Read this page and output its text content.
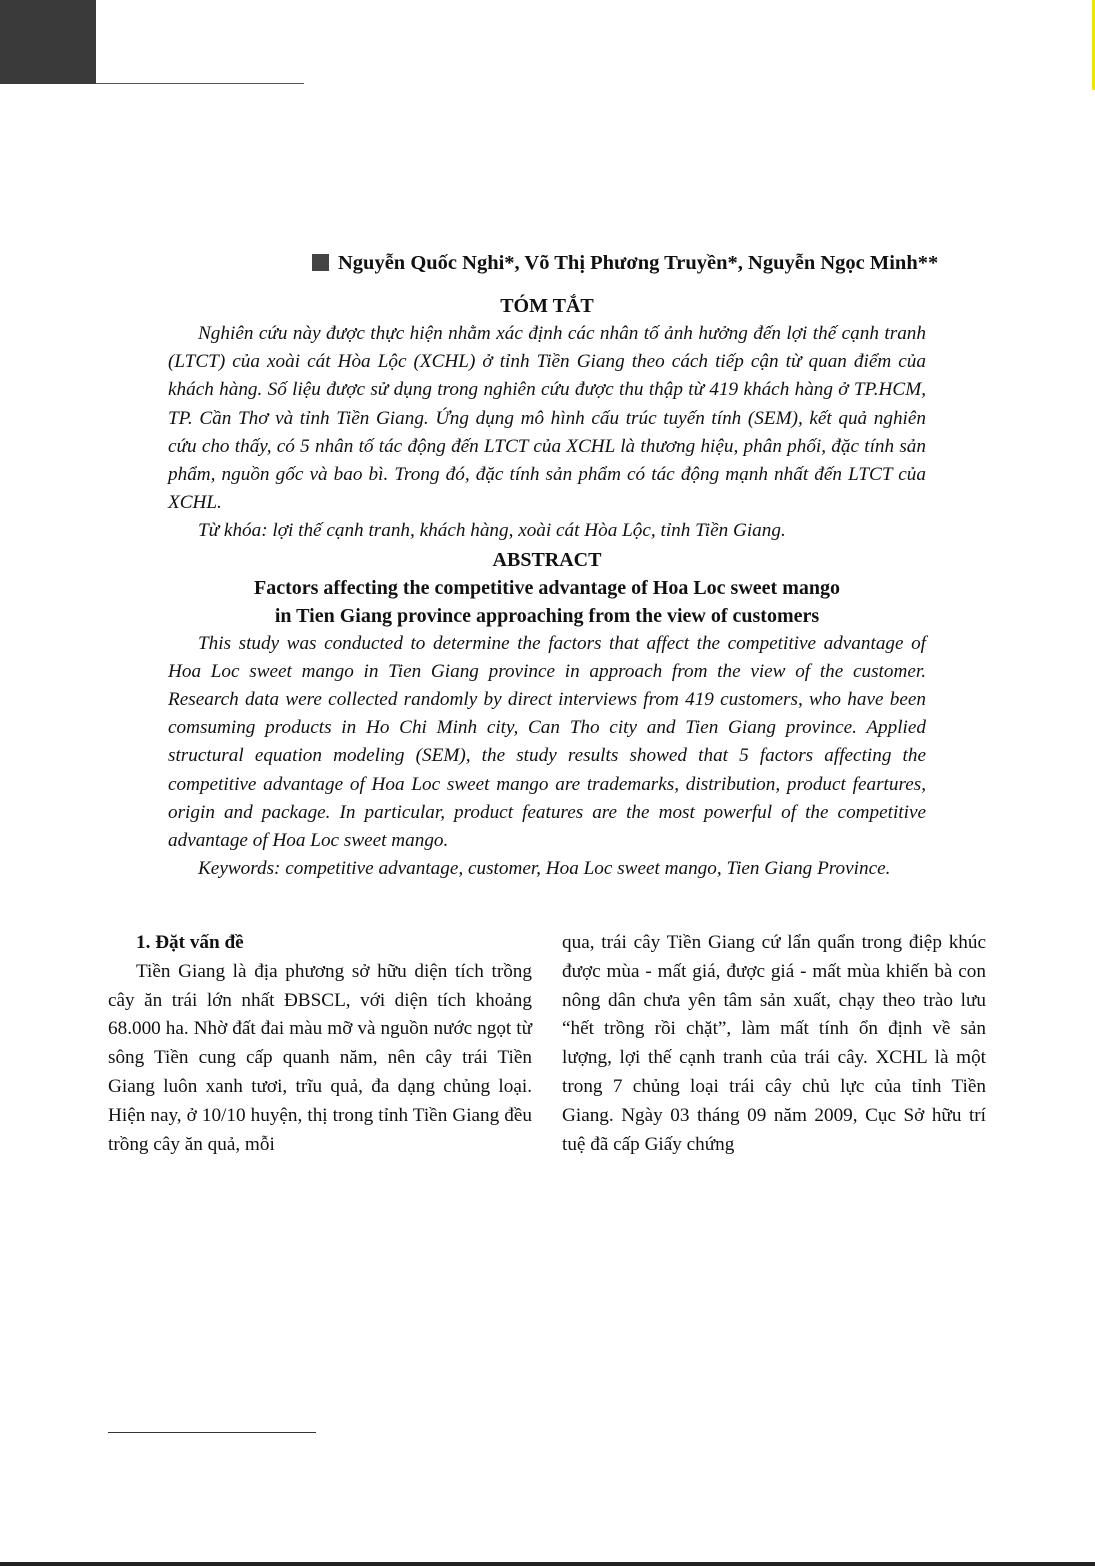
Nguyễn Quốc Nghi*, Võ Thị Phương Truyền*, Nguyễn Ngọc Minh**
TÓM TẮT

Nghiên cứu này được thực hiện nhằm xác định các nhân tố ảnh hưởng đến lợi thế cạnh tranh (LTCT) của xoài cát Hòa Lộc (XCHL) ở tỉnh Tiền Giang theo cách tiếp cận từ quan điểm của khách hàng. Số liệu được sử dụng trong nghiên cứu được thu thập từ 419 khách hàng ở TP.HCM, TP. Cần Thơ và tỉnh Tiền Giang. Ứng dụng mô hình cấu trúc tuyến tính (SEM), kết quả nghiên cứu cho thấy, có 5 nhân tố tác động đến LTCT của XCHL là thương hiệu, phân phối, đặc tính sản phẩm, nguồn gốc và bao bì. Trong đó, đặc tính sản phẩm có tác động mạnh nhất đến LTCT của XCHL.

Từ khóa: lợi thế cạnh tranh, khách hàng, xoài cát Hòa Lộc, tỉnh Tiền Giang.

ABSTRACT
Factors affecting the competitive advantage of Hoa Loc sweet mango
in Tien Giang province approaching from the view of customers

This study was conducted to determine the factors that affect the competitive advantage of Hoa Loc sweet mango in Tien Giang province in approach from the view of the customer. Research data were collected randomly by direct interviews from 419 customers, who have been comsuming products in Ho Chi Minh city, Can Tho city and Tien Giang province. Applied structural equation modeling (SEM), the study results showed that 5 factors affecting the competitive advantage of Hoa Loc sweet mango are trademarks, distribution, product feartures, origin and package. In particular, product features are the most powerful of the competitive advantage of Hoa Loc sweet mango.

Keywords: competitive advantage, customer, Hoa Loc sweet mango, Tien Giang Province.

1. Đặt vấn đề

Tiền Giang là địa phương sở hữu diện tích trồng cây ăn trái lớn nhất ĐBSCL, với diện tích khoảng 68.000 ha. Nhờ đất đai màu mỡ và nguồn nước ngọt từ sông Tiền cung cấp quanh năm, nên cây trái Tiền Giang luôn xanh tươi, trĩu quả, đa dạng chủng loại. Hiện nay, ở 10/10 huyện, thị trong tỉnh Tiền Giang đều trồng cây ăn quả, mỗi

qua, trái cây Tiền Giang cứ lẩn quẩn trong điệp khúc được mùa - mất giá, được giá - mất mùa khiến bà con nông dân chưa yên tâm sản xuất, chạy theo trào lưu “hết trồng rồi chặt”, làm mất tính ổn định về sản lượng, lợi thế cạnh tranh của trái cây. XCHL là một trong 7 chủng loại trái cây chủ lực của tỉnh Tiền Giang. Ngày 03 tháng 09 năm 2009, Cục Sở hữu trí tuệ đã cấp Giấy chứng
